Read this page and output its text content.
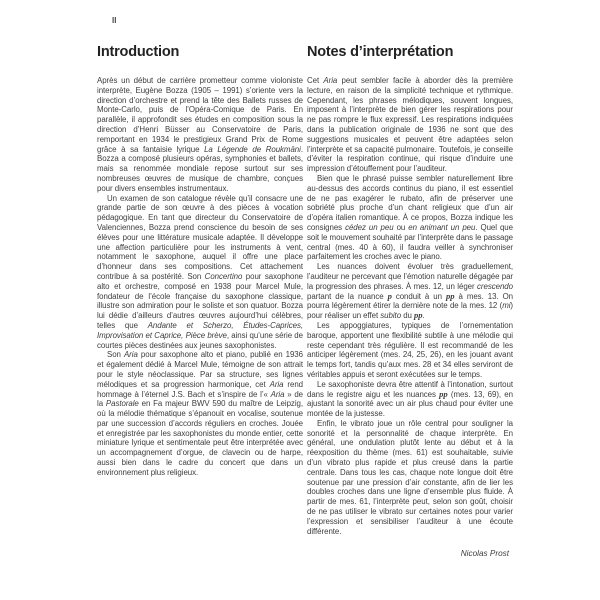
II
Introduction

Après un début de carrière prometteur comme violoniste interprète, Eugène Bozza (1905 – 1991) s’oriente vers la direction d’orchestre et prend la tête des Ballets russes de Monte-Carlo, puis de l’Opéra-Comique de Paris. En parallèle, il approfondit ses études en composition sous la direction d’Henri Büsser au Conservatoire de Paris, remportant en 1934 le prestigieux Grand Prix de Rome grâce à sa fantaisie lyrique La Légende de Roukmāni. Bozza a composé plusieurs opéras, symphonies et ballets, mais sa renommée mondiale repose surtout sur ses nombreuses œuvres de musique de chambre, conçues pour divers ensembles instrumentaux.

Un examen de son catalogue révèle qu’il consacre une grande partie de son œuvre à des pièces à vocation pédagogique. En tant que directeur du Conservatoire de Valenciennes, Bozza prend conscience du besoin de ses élèves pour une littérature musicale adaptée. Il développe une affection particulière pour les instruments à vent, notamment le saxophone, auquel il offre une place d’honneur dans ses compositions. Cet attachement contribue à sa postérité. Son Concertino pour saxophone alto et orchestre, composé en 1938 pour Marcel Mule, fondateur de l’école française du saxophone classique, illustre son admiration pour le soliste et son quatuor. Bozza lui dédie d’ailleurs d’autres œuvres aujourd’hui célèbres, telles que Andante et Scherzo, Études-Caprices, Improvisation et Caprice, Pièce brève, ainsi qu’une série de courtes pièces destinées aux jeunes saxophonistes.

Son Aria pour saxophone alto et piano, publié en 1936 et également dédié à Marcel Mule, témoigne de son attrait pour le style néoclassique. Par sa structure, ses lignes mélodiques et sa progression harmonique, cet Aria rend hommage à l’éternel J.S. Bach et s’inspire de l’« Aria » de la Pastorale en Fa majeur BWV 590 du maître de Leipzig, où la mélodie thématique s’épanouit en vocalise, soutenue par une succession d’accords réguliers en croches. Jouée et enregistrée par les saxophonistes du monde entier, cette miniature lyrique et sentimentale peut être interprétée avec un accompagnement d’orgue, de clavecin ou de harpe, aussi bien dans le cadre du concert que dans un environnement plus religieux.

Notes d’interprétation

Cet Aria peut sembler facile à aborder dès la première lecture, en raison de la simplicité technique et rythmique. Cependant, les phrases mélodiques, souvent longues, imposent à l’interprète de bien gérer les respirations pour ne pas rompre le flux expressif. Les respirations indiquées dans la publication originale de 1936 ne sont que des suggestions musicales et peuvent être adaptées selon l’interprète et sa capacité pulmonaire. Toutefois, je conseille d’éviter la respiration continue, qui risque d’induire une impression d’étouffement pour l’auditeur.

Bien que le phrasé puisse sembler naturellement libre au-dessus des accords continus du piano, il est essentiel de ne pas exagérer le rubato, afin de préserver une sobriété plus proche d’un chant religieux que d’un air d’opéra italien romantique. À ce propos, Bozza indique les consignes cédez un peu ou en animant un peu. Quel que soit le mouvement souhaité par l’interprète dans le passage central (mes. 40 à 60), il faudra veiller à synchroniser parfaitement les croches avec le piano.

Les nuances doivent évoluer très graduellement, l’auditeur ne percevant que l’émotion naturelle dégagée par la progression des phrases. À mes. 12, un léger crescendo partant de la nuance p conduit à un pp à mes. 13. On pourra légèrement étirer la dernière note de la mes. 12 (mi) pour réaliser un effet subito du pp.

Les appoggiatures, typiques de l’ornementation baroque, apportent une flexibilité subtile à une mélodie qui reste cependant très régulière. Il est recommandé de les anticiper légèrement (mes. 24, 25, 26), en les jouant avant le temps fort, tandis qu’aux mes. 28 et 34 elles serviront de véritables appuis et seront exécutées sur le temps.

Le saxophoniste devra être attentif à l’intonation, surtout dans le registre aigu et les nuances pp (mes. 13, 69), en ajustant la sonorité avec un air plus chaud pour éviter une montée de la justesse.

Enfin, le vibrato joue un rôle central pour souligner la sonorité et la personnalité de chaque interprète. En général, une ondulation plutôt lente au début et à la réexposition du thème (mes. 61) est souhaitable, suivie d’un vibrato plus rapide et plus creusé dans la partie centrale. Dans tous les cas, chaque note longue doit être soutenue par une pression d’air constante, afin de lier les doubles croches dans une ligne d’ensemble plus fluide. À partir de mes. 61, l’interprète peut, selon son goût, choisir de ne pas utiliser le vibrato sur certaines notes pour varier l’expression et sensibiliser l’auditeur à une écoute différente.

Nicolas Prost
